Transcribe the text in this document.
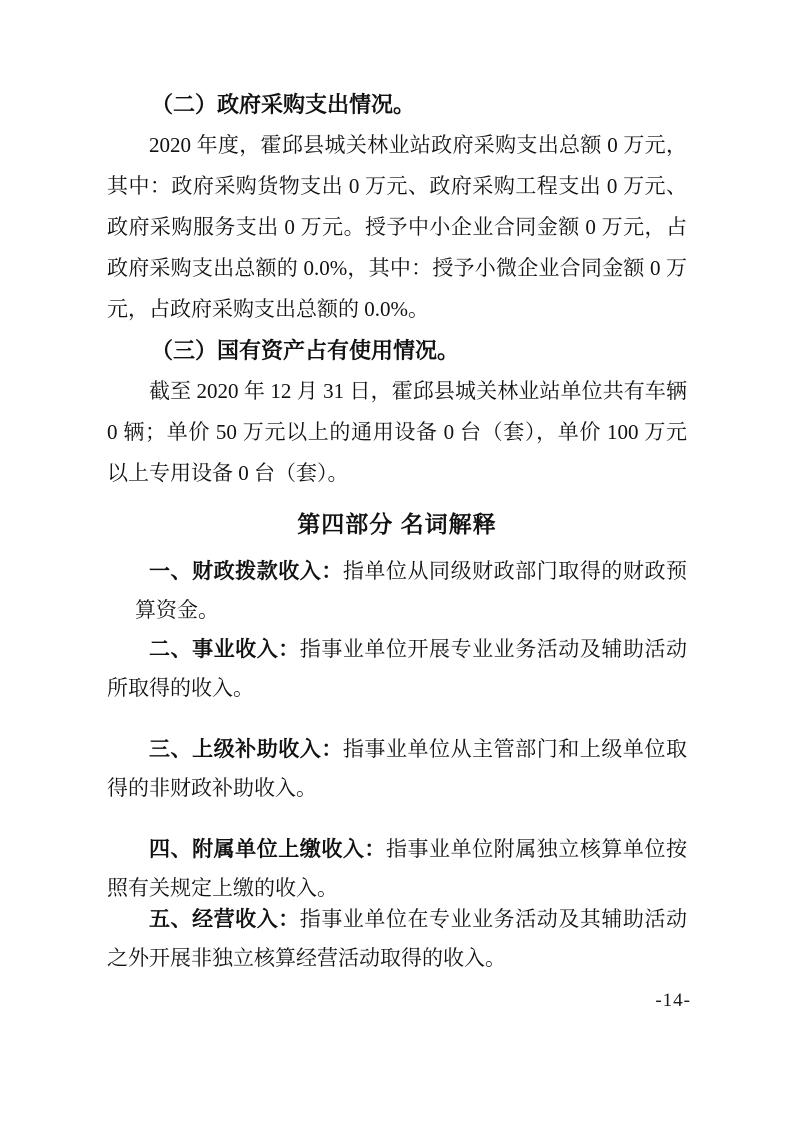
（二）政府采购支出情况。

2020 年度，霍邱县城关林业站政府采购支出总额 0 万元，其中：政府采购货物支出 0 万元、政府采购工程支出 0 万元、政府采购服务支出 0 万元。授予中小企业合同金额 0 万元，占政府采购支出总额的 0.0%，其中：授予小微企业合同金额 0 万元，占政府采购支出总额的 0.0%。

（三）国有资产占有使用情况。

截至 2020 年 12 月 31 日，霍邱县城关林业站单位共有车辆 0 辆；单价 50 万元以上的通用设备 0 台（套），单价 100 万元以上专用设备 0 台（套）。

第四部分 名词解释

一、财政拨款收入：指单位从同级财政部门取得的财政预算资金。

二、事业收入：指事业单位开展专业业务活动及辅助活动所取得的收入。

三、上级补助收入：指事业单位从主管部门和上级单位取得的非财政补助收入。

四、附属单位上缴收入：指事业单位附属独立核算单位按照有关规定上缴的收入。

五、经营收入：指事业单位在专业业务活动及其辅助活动之外开展非独立核算经营活动取得的收入。

-14-
